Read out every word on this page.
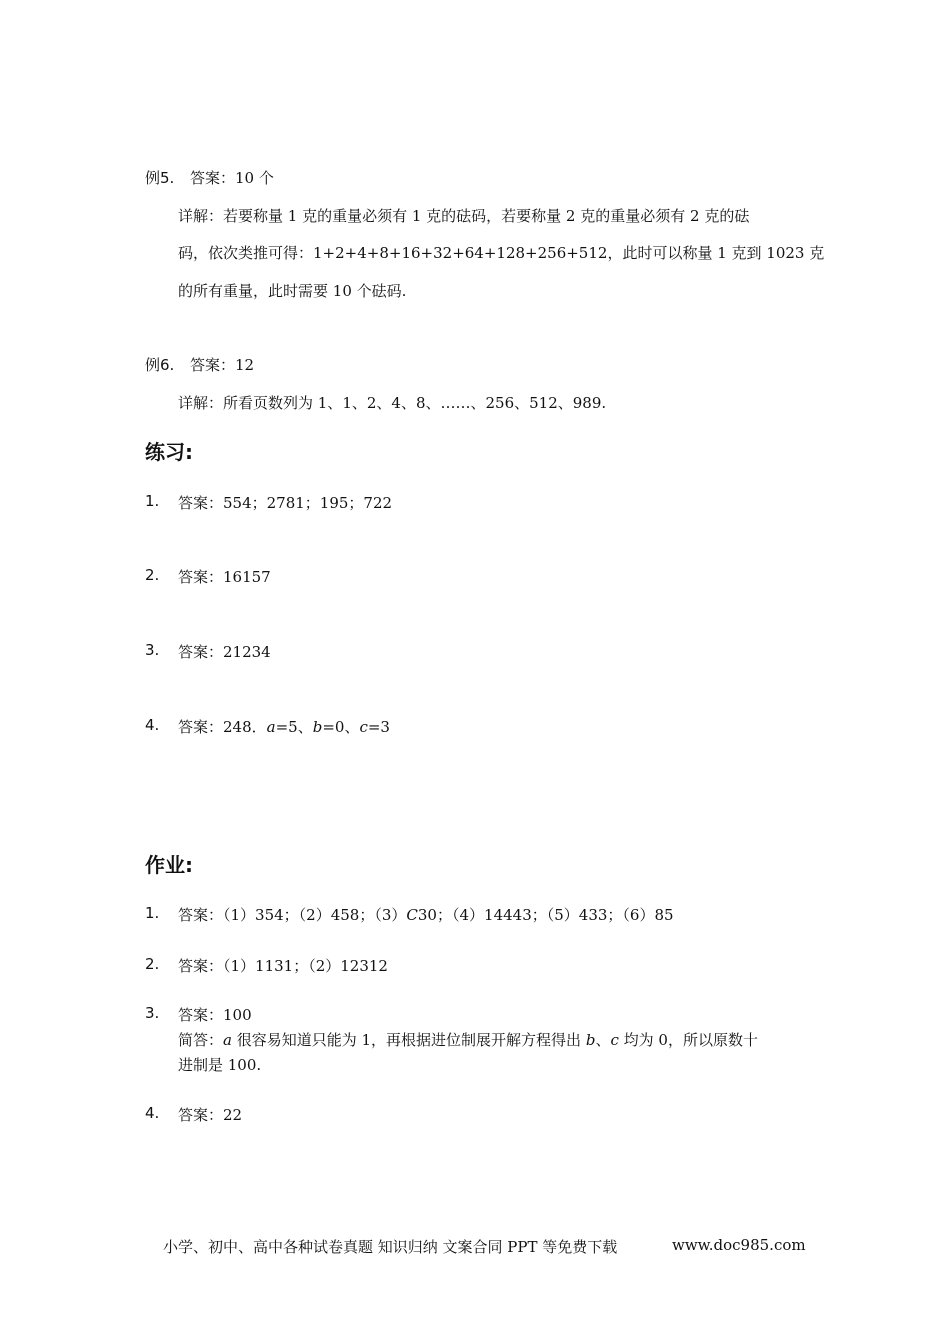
例5. 答案：10 个
详解：若要称量 1 克的重量必须有 1 克的砝码，若要称量 2 克的重量必须有 2 克的砝
码，依次类推可得：1+2+4+8+16+32+64+128+256+512，此时可以称量 1 克到 1023 克
的所有重量，此时需要 10 个砝码.
例6. 答案：12
详解：所看页数列为 1、1、2、4、8、……、256、512、989.
练习:
1. 答案：554；2781；195；722
2. 答案：16157
3. 答案：21234
4. 答案：248．a=5、b=0、c=3
作业:
1. 答案：（1）354；（2）458；（3）C30；（4）14443；（5）433；（6）85
2. 答案：（1）1131；（2）12312
3. 答案：100
简答：a 很容易知道只能为 1，再根据进位制展开解方程得出 b、c 均为 0，所以原数十
进制是 100.
4. 答案：22
小学、初中、高中各种试卷真题 知识归纳 文案合同 PPT 等免费下载	www.doc985.com
